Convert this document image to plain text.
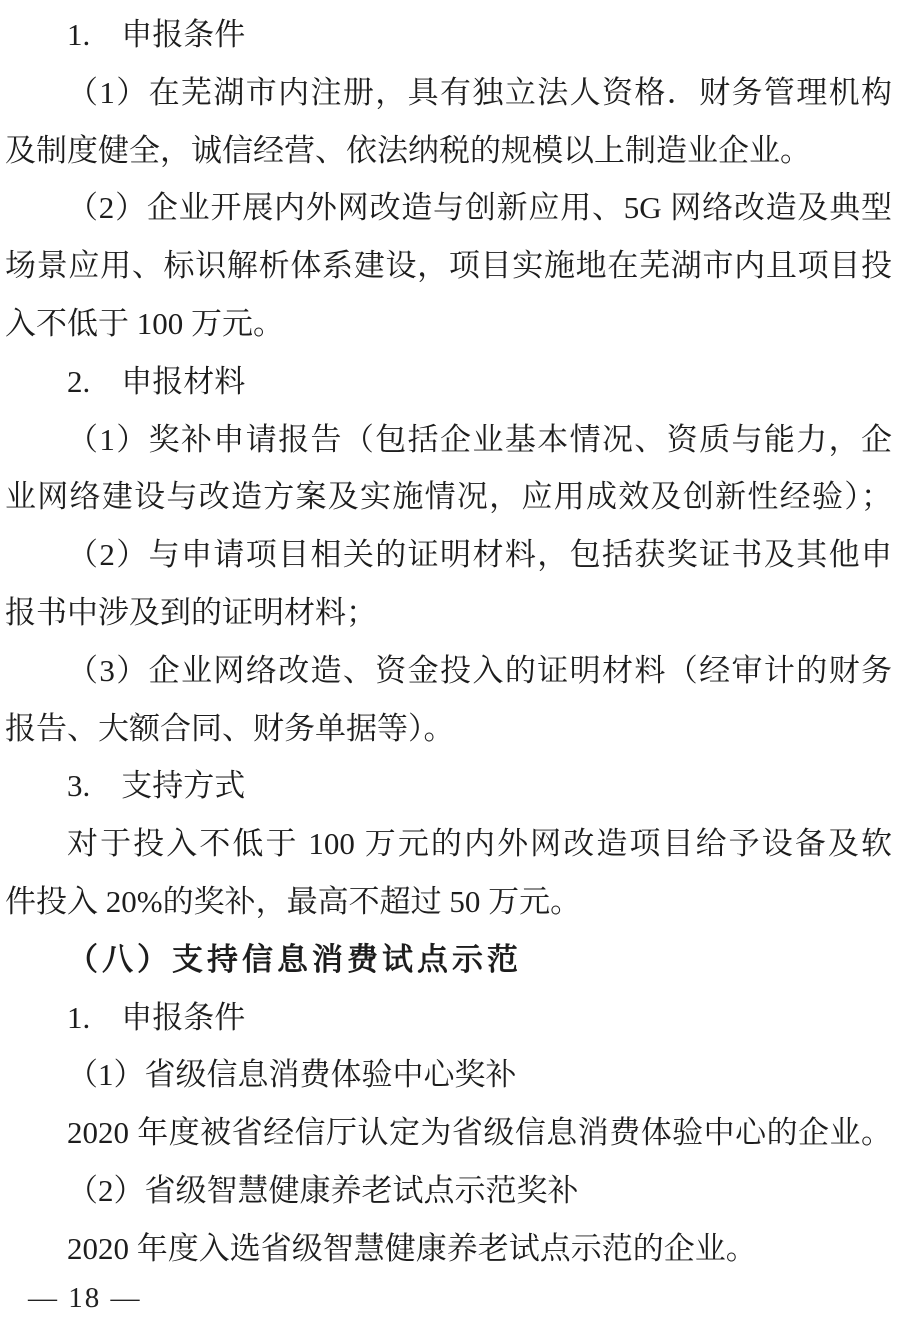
1.　申报条件
（1）在芜湖市内注册，具有独立法人资格．财务管理机构
及制度健全，诚信经营、依法纳税的规模以上制造业企业。
（2）企业开展内外网改造与创新应用、5G 网络改造及典型
场景应用、标识解析体系建设，项目实施地在芜湖市内且项目投
入不低于 100 万元。
2.　申报材料
（1）奖补申请报告（包括企业基本情况、资质与能力，企
业网络建设与改造方案及实施情况，应用成效及创新性经验）；
（2）与申请项目相关的证明材料，包括获奖证书及其他申
报书中涉及到的证明材料；
（3）企业网络改造、资金投入的证明材料（经审计的财务
报告、大额合同、财务单据等）。
3.　支持方式
对于投入不低于 100 万元的内外网改造项目给予设备及软
件投入 20%的奖补，最高不超过 50 万元。
（八）支持信息消费试点示范
1.　申报条件
（1）省级信息消费体验中心奖补
2020 年度被省经信厅认定为省级信息消费体验中心的企业。
（2）省级智慧健康养老试点示范奖补
2020 年度入选省级智慧健康养老试点示范的企业。
— 18 —
